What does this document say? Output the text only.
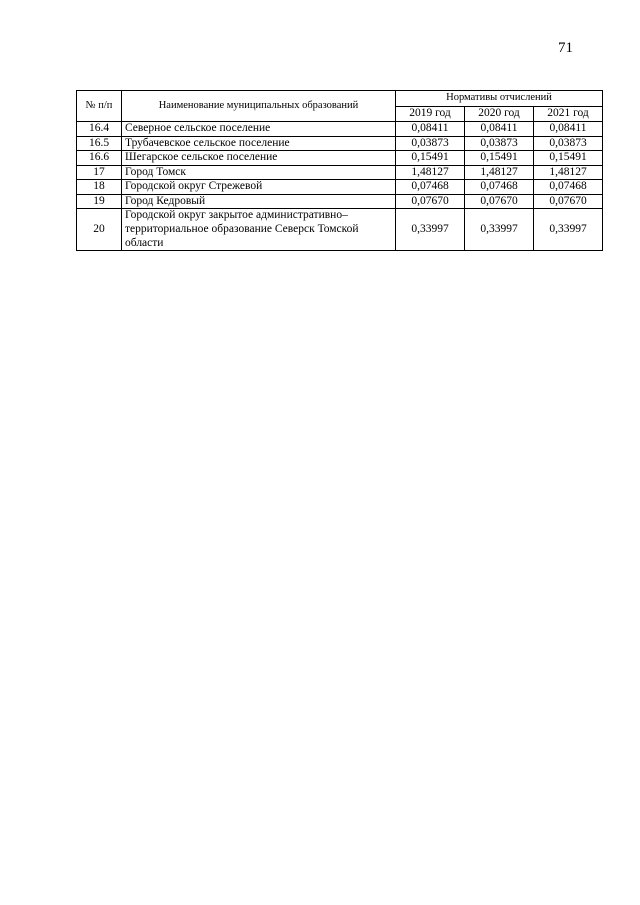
71
№ п/п	Наименование муниципальных образований	Нормативы отчислений		
		2019 год	2020 год	2021 год
16.4	Северное сельское поселение	0,08411	0,08411	0,08411
16.5	Трубачевское сельское поселение	0,03873	0,03873	0,03873
16.6	Шегарское сельское поселение	0,15491	0,15491	0,15491
17	Город Томск	1,48127	1,48127	1,48127
18	Городской округ Стрежевой	0,07468	0,07468	0,07468
19	Город Кедровый	0,07670	0,07670	0,07670
20	Городской округ закрытое административно–территориальное образование Северск Томской области	0,33997	0,33997	0,33997
